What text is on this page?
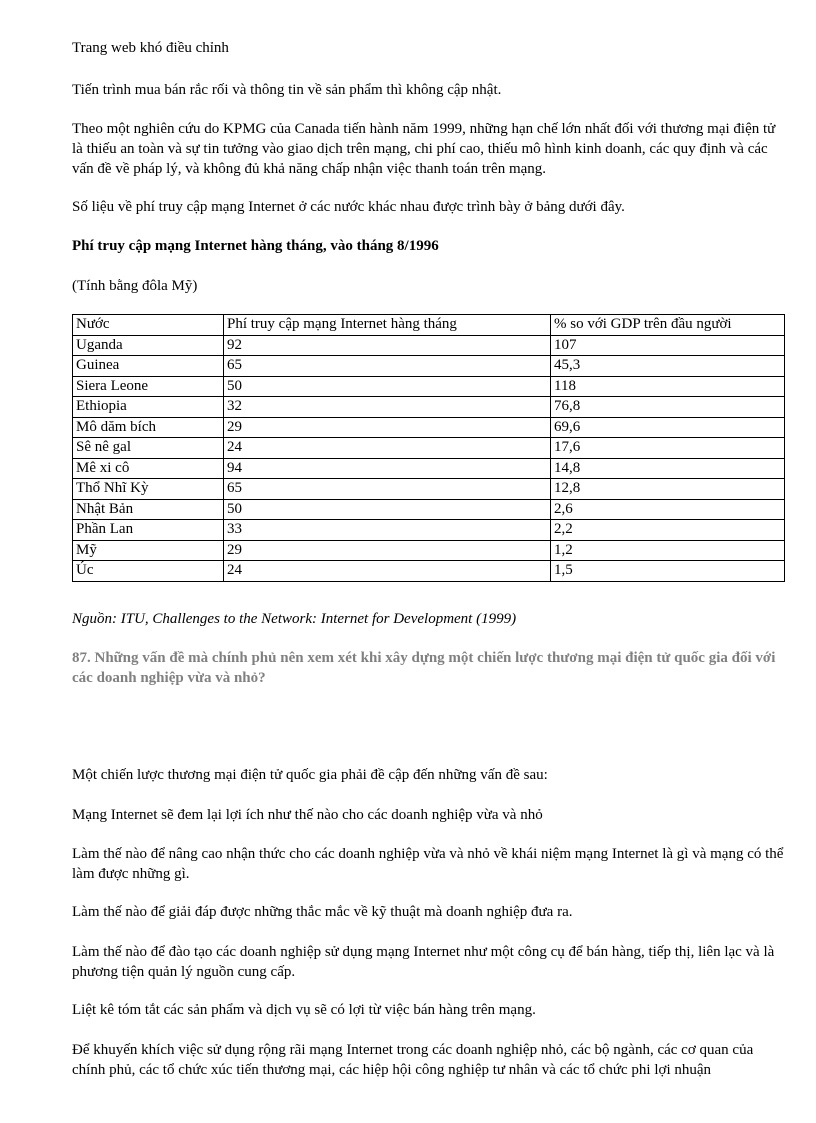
Trang web khó điều chỉnh

Tiến trình mua bán rắc rối và thông tin về sản phẩm thì không cập nhật.

Theo một nghiên cứu do KPMG của Canada tiến hành năm 1999, những hạn chế lớn nhất đối với thương mại điện tử là thiếu an toàn và sự tin tưởng vào giao dịch trên mạng, chi phí cao, thiếu mô hình kinh doanh, các quy định và các vấn đề về pháp lý, và không đủ khả năng chấp nhận việc thanh toán trên mạng.

Số liệu về phí truy cập mạng Internet ở các nước khác nhau được trình bày ở bảng dưới đây.

Phí truy cập mạng Internet hàng tháng, vào tháng 8/1996

(Tính bằng đôla Mỹ)

Nước	Phí truy cập mạng Internet hàng tháng	% so với GDP trên đầu người
Uganda	92	107
Guinea	65	45,3
Siera Leone	50	118
Ethiopia	32	76,8
Mô dăm bích	29	69,6
Sê nê gal	24	17,6
Mê xi cô	94	14,8
Thổ Nhĩ Kỳ	65	12,8
Nhật Bản	50	2,6
Phần Lan	33	2,2
Mỹ	29	1,2
Úc	24	1,5

Nguồn: ITU, Challenges to the Network: Internet for Development (1999)

87. Những vấn đề mà chính phủ nên xem xét khi xây dựng một chiến lược thương mại điện tử quốc gia đối với các doanh nghiệp vừa và nhỏ?

Một chiến lược thương mại điện tử quốc gia phải đề cập đến những vấn đề sau:

Mạng Internet sẽ đem lại lợi ích như thế nào cho các doanh nghiệp vừa và nhỏ

Làm thế nào để nâng cao nhận thức cho các doanh nghiệp vừa và nhỏ về khái niệm mạng Internet là gì và mạng có thể làm được những gì.

Làm thế nào để giải đáp được những thắc mắc về kỹ thuật mà doanh nghiệp đưa ra.

Làm thế nào để đào tạo các doanh nghiệp sử dụng mạng Internet như một công cụ để bán hàng, tiếp thị, liên lạc và là phương tiện quản lý nguồn cung cấp.

Liệt kê tóm tắt các sản phẩm và dịch vụ sẽ có lợi từ việc bán hàng trên mạng.

Để khuyến khích việc sử dụng rộng rãi mạng Internet trong các doanh nghiệp nhỏ, các bộ ngành, các cơ quan của chính phủ, các tổ chức xúc tiến thương mại, các hiệp hội công nghiệp tư nhân và các tổ chức phi lợi nhuận
